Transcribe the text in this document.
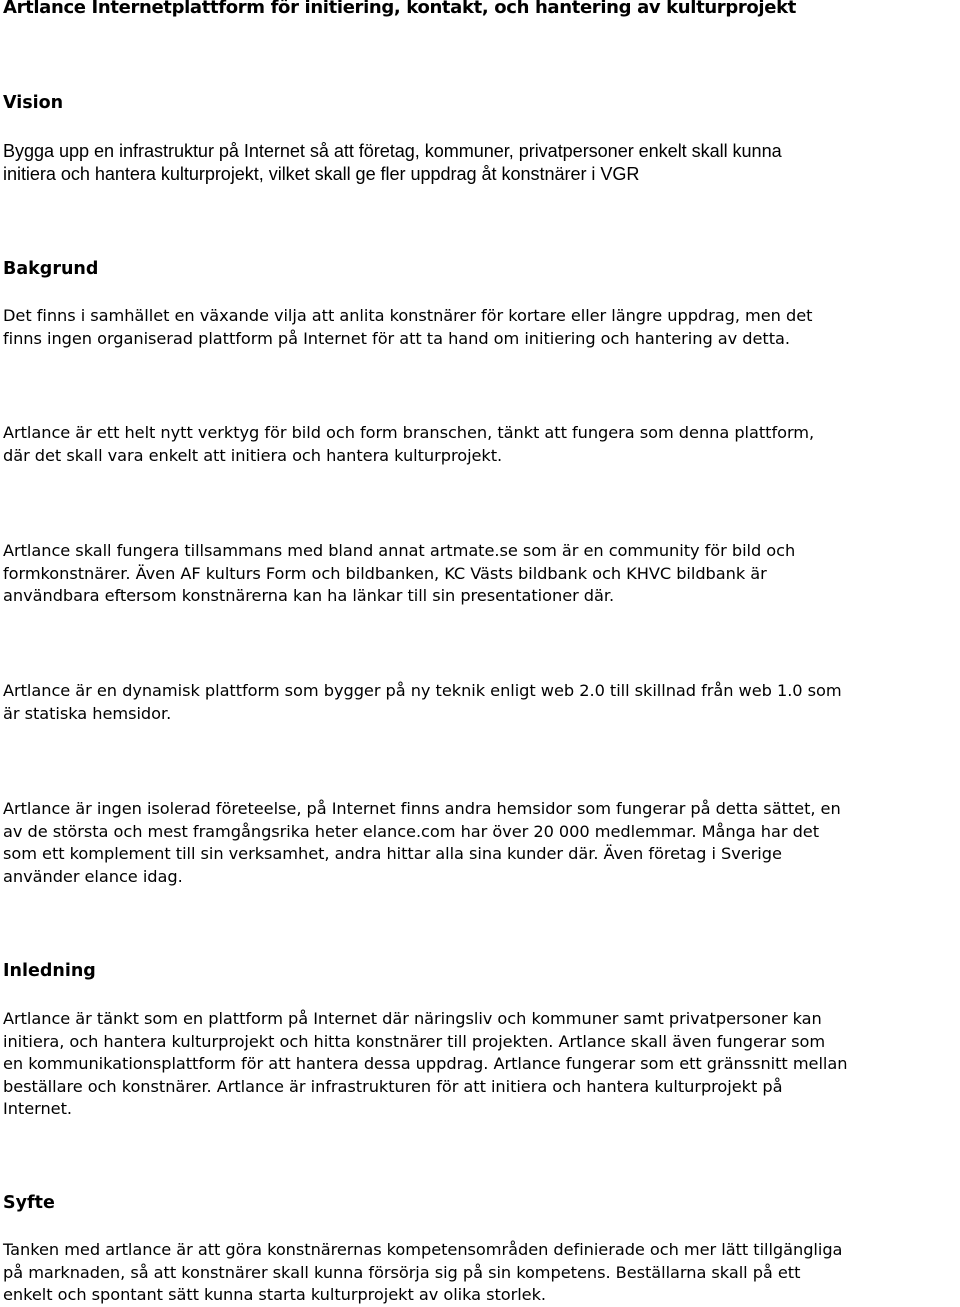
Artlance Internetplattform för initiering, kontakt, och hantering av kulturprojekt
Vision

Bygga upp en infrastruktur på Internet så att företag, kommuner, privatpersoner enkelt skall kunna
initiera och hantera kulturprojekt, vilket skall ge fler uppdrag åt konstnärer i VGR

Bakgrund

Det finns i samhället en växande vilja att anlita konstnärer för kortare eller längre uppdrag, men det
finns ingen organiserad plattform på Internet för att ta hand om initiering och hantering av detta.

Artlance är ett helt nytt verktyg för bild och form branschen, tänkt att fungera som denna plattform,
där det skall vara enkelt att initiera och hantera kulturprojekt.

Artlance skall fungera tillsammans med bland annat artmate.se som är en community för bild och
formkonstnärer. Även AF kulturs Form och bildbanken, KC Västs bildbank och KHVC bildbank är
användbara eftersom konstnärerna kan ha länkar till sin presentationer där.

Artlance är en dynamisk plattform som bygger på ny teknik enligt web 2.0 till skillnad från web 1.0 som
är statiska hemsidor.

Artlance är ingen isolerad företeelse, på Internet finns andra hemsidor som fungerar på detta sättet, en
av de största och mest framgångsrika heter elance.com har över 20 000 medlemmar. Många har det
som ett komplement till sin verksamhet, andra hittar alla sina kunder där. Även företag i Sverige
använder elance idag.

Inledning

Artlance är tänkt som en plattform på Internet där näringsliv och kommuner samt privatpersoner kan
initiera, och hantera kulturprojekt och hitta konstnärer till projekten. Artlance skall även fungerar som
en kommunikationsplattform för att hantera dessa uppdrag. Artlance fungerar som ett gränssnitt mellan
beställare och konstnärer. Artlance är infrastrukturen för att initiera och hantera kulturprojekt på
Internet.

Syfte

Tanken med artlance är att göra konstnärernas kompetensområden definierade och mer lätt tillgängliga
på marknaden, så att konstnärer skall kunna försörja sig på sin kompetens. Beställarna skall på ett
enkelt och spontant sätt kunna starta kulturprojekt av olika storlek.
